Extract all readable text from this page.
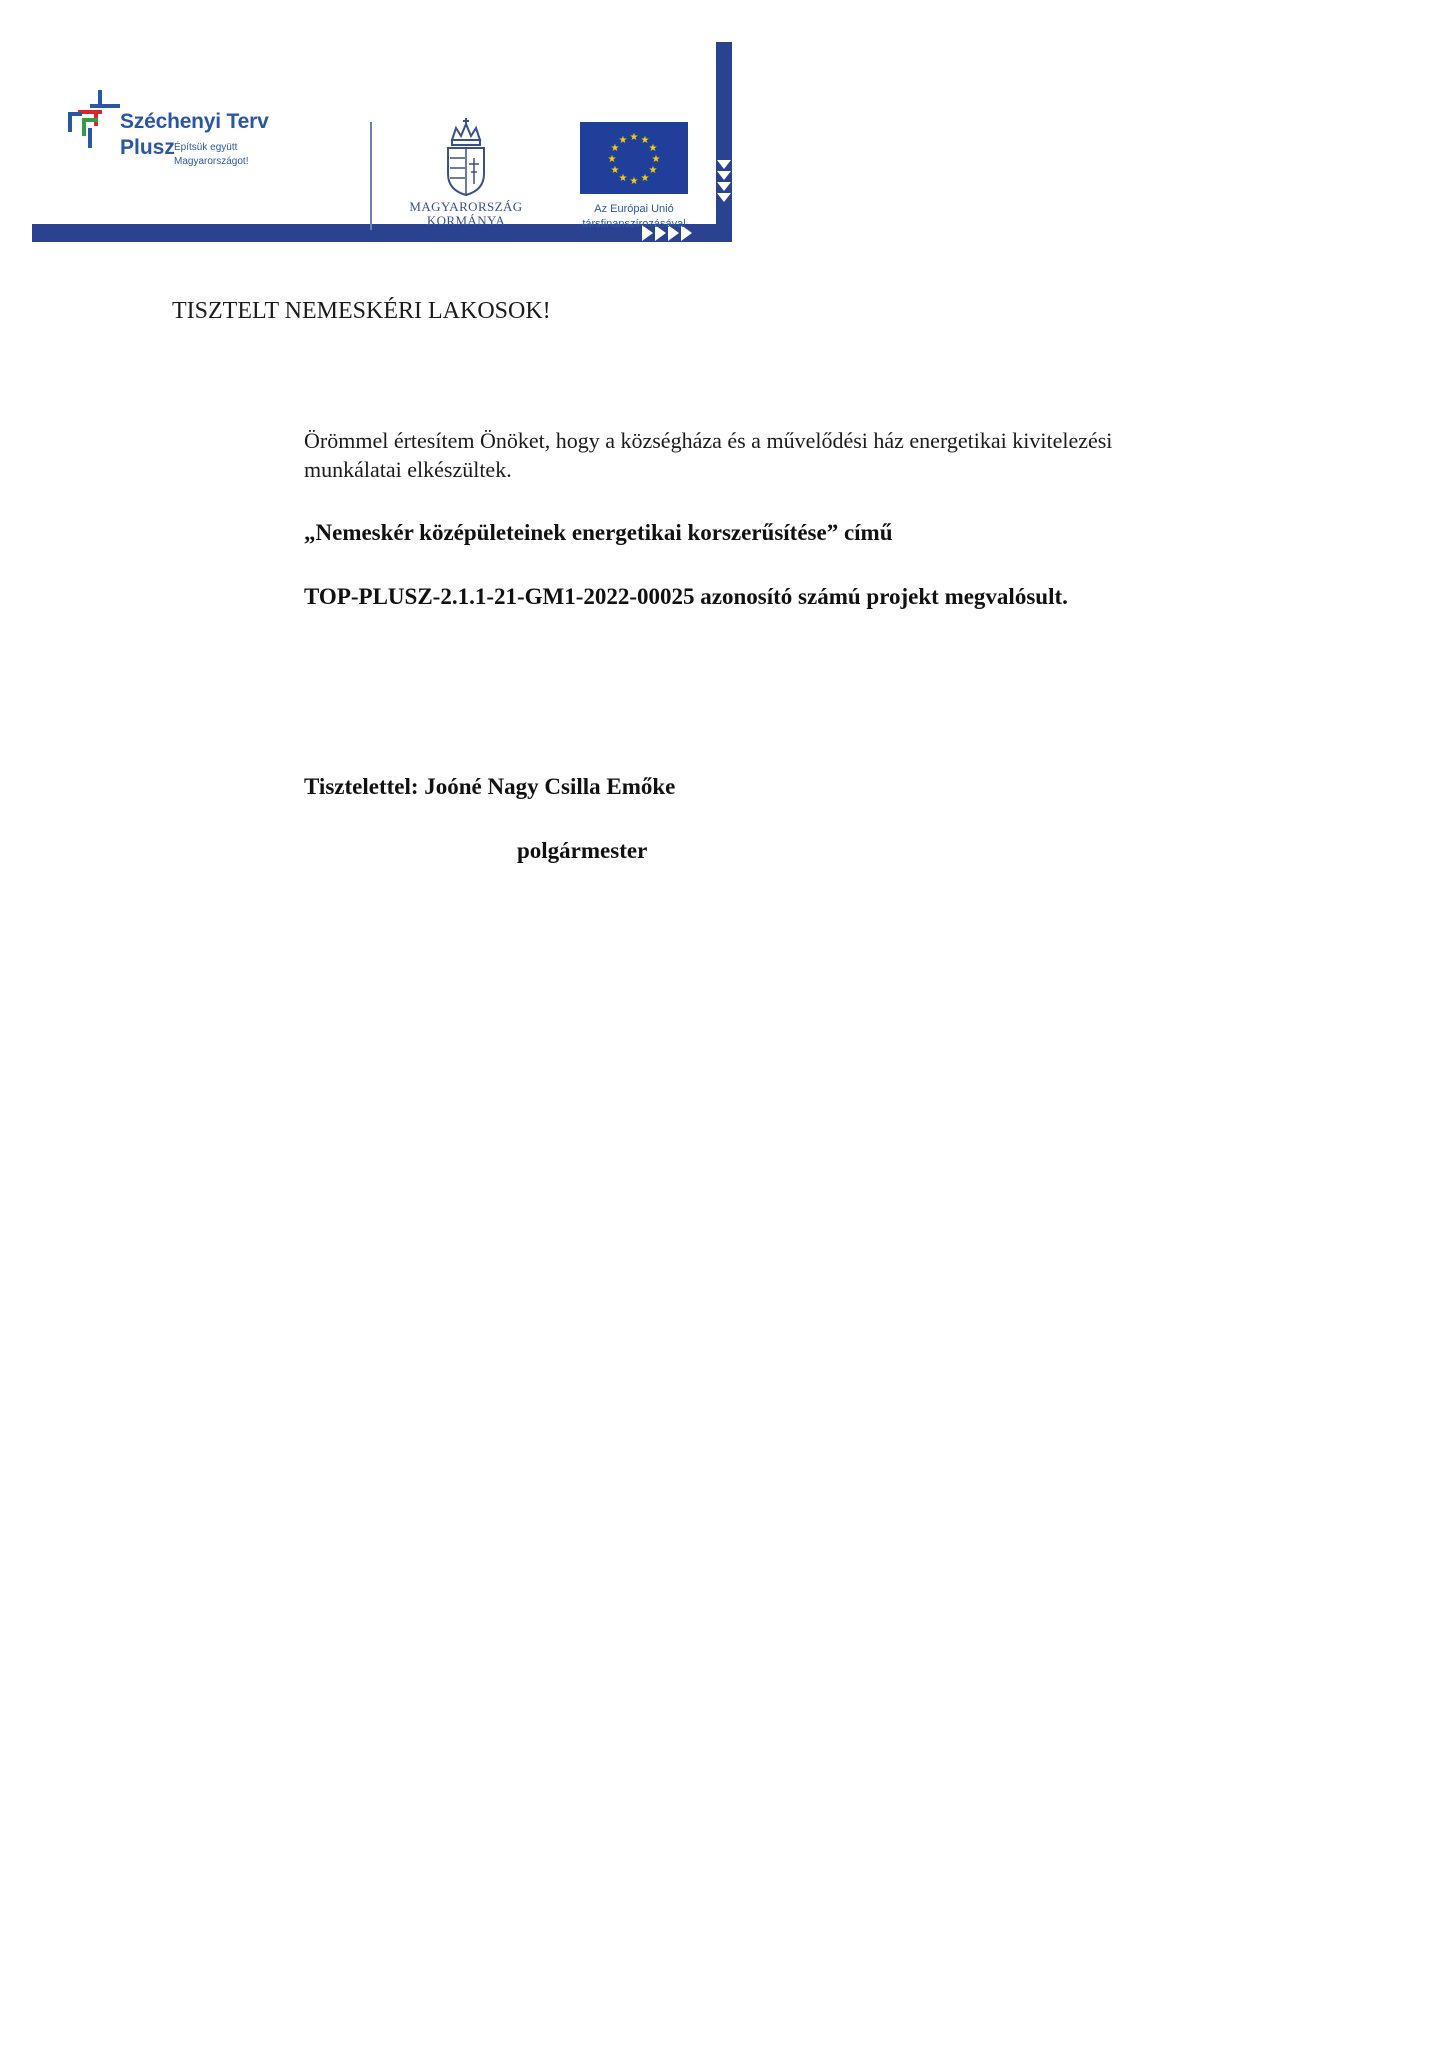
Széchenyi Terv
Plusz Építsük együtt
Magyarországot!
MAGYARORSZÁG
KORMÁNYA
★ ★
★
★
★
★
★
★
★
★
★
★
Az Európai Unió
társfinanszírozásával
TISZTELT NEMESKÉRI LAKOSOK!
Örömmel értesítem Önöket, hogy a községháza és a művelődési ház energetikai kivitelezési
munkálatai elkészültek.
„Nemeskér középületeinek energetikai korszerűsítése” című
TOP-PLUSZ-2.1.1-21-GM1-2022-00025 azonosító számú projekt megvalósult.
Tisztelettel: Joóné Nagy Csilla Emőke
polgármester
